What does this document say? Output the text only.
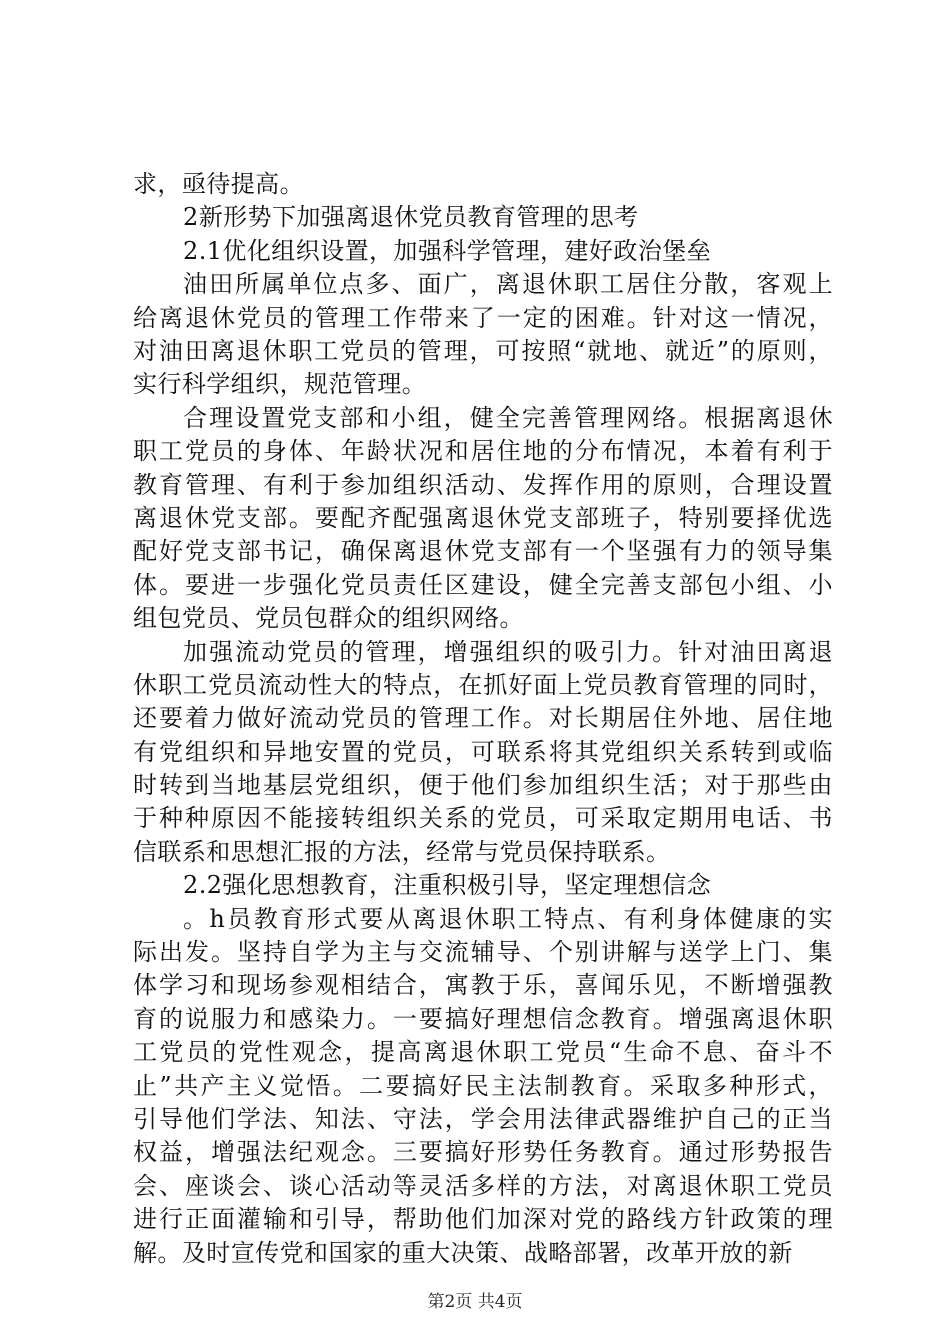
求，亟待提高。
2新形势下加强离退休党员教育管理的思考
2.1优化组织设置，加强科学管理，建好政治堡垒
油田所属单位点多、面广，离退休职工居住分散，客观上
给离退休党员的管理工作带来了一定的困难。针对这一情况，
对油田离退休职工党员的管理，可按照“就地、就近”的原则，
实行科学组织，规范管理。
合理设置党支部和小组，健全完善管理网络。根据离退休
职工党员的身体、年龄状况和居住地的分布情况，本着有利于
教育管理、有利于参加组织活动、发挥作用的原则，合理设置
离退休党支部。要配齐配强离退休党支部班子，特别要择优选
配好党支部书记，确保离退休党支部有一个坚强有力的领导集
体。要进一步强化党员责任区建设，健全完善支部包小组、小
组包党员、党员包群众的组织网络。
加强流动党员的管理，增强组织的吸引力。针对油田离退
休职工党员流动性大的特点，在抓好面上党员教育管理的同时，
还要着力做好流动党员的管理工作。对长期居住外地、居住地
有党组织和异地安置的党员，可联系将其党组织关系转到或临
时转到当地基层党组织，便于他们参加组织生活；对于那些由
于种种原因不能接转组织关系的党员，可采取定期用电话、书
信联系和思想汇报的方法，经常与党员保持联系。
2.2强化思想教育，注重积极引导，坚定理想信念
。h员教育形式要从离退休职工特点、有利身体健康的实
际出发。坚持自学为主与交流辅导、个别讲解与送学上门、集
体学习和现场参观相结合，寓教于乐，喜闻乐见，不断增强教
育的说服力和感染力。一要搞好理想信念教育。增强离退休职
工党员的党性观念，提高离退休职工党员“生命不息、奋斗不
止”共产主义觉悟。二要搞好民主法制教育。采取多种形式，
引导他们学法、知法、守法，学会用法律武器维护自己的正当
第2页 共4页
权益，增强法纪观念。三要搞好形势任务教育。通过形势报告
会、座谈会、谈心活动等灵活多样的方法，对离退休职工党员
进行正面灌输和引导，帮助他们加深对党的路线方针政策的理
解。及时宣传党和国家的重大决策、战略部署，改革开放的新
